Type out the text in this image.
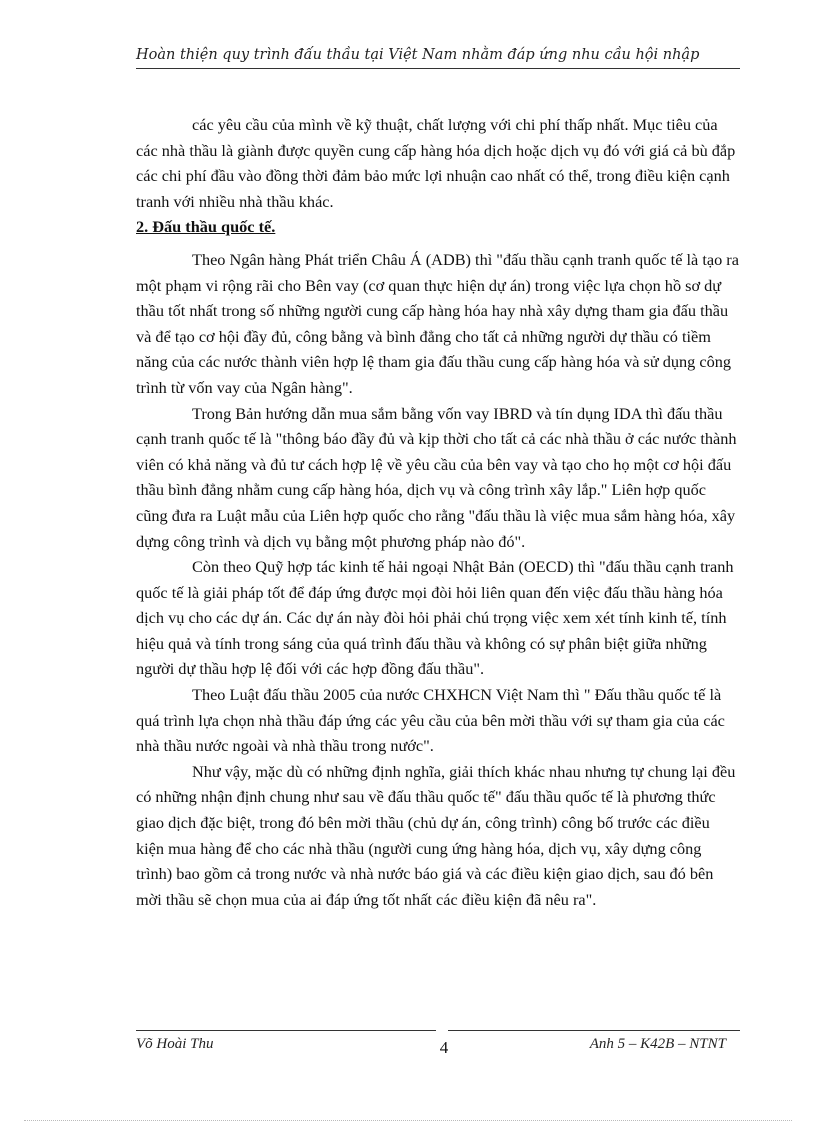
Hoàn thiện quy trình đấu thầu tại Việt Nam nhằm đáp ứng nhu cầu hội nhập

các yêu cầu của mình về kỹ thuật, chất lượng với chi phí thấp nhất. Mục tiêu của các nhà thầu là giành được quyền cung cấp hàng hóa dịch hoặc dịch vụ đó với giá cả bù đắp các chi phí đầu vào đồng thời đảm bảo mức lợi nhuận cao nhất có thể, trong điều kiện cạnh tranh với nhiều nhà thầu khác.

2. Đấu thầu quốc tế.

Theo Ngân hàng Phát triển Châu Á (ADB) thì "đấu thầu cạnh tranh quốc tế là tạo ra một phạm vi rộng rãi cho Bên vay (cơ quan thực hiện dự án) trong việc lựa chọn hồ sơ dự thầu tốt nhất trong số những người cung cấp hàng hóa hay nhà xây dựng tham gia đấu thầu và để tạo cơ hội đầy đủ, công bằng và bình đẳng cho tất cả những người dự thầu có tiềm năng của các nước thành viên hợp lệ tham gia đấu thầu cung cấp hàng hóa và sử dụng công trình từ vốn vay của Ngân hàng".

Trong Bản hướng dẫn mua sắm bằng vốn vay IBRD và tín dụng IDA thì đấu thầu cạnh tranh quốc tế là "thông báo đầy đủ và kịp thời cho tất cả các nhà thầu ở các nước thành viên có khả năng và đủ tư cách hợp lệ về yêu cầu của bên vay và tạo cho họ một cơ hội đấu thầu bình đẳng nhằm cung cấp hàng hóa, dịch vụ và công trình xây lắp." Liên hợp quốc cũng đưa ra Luật mẫu của Liên hợp quốc cho rằng "đấu thầu là việc mua sắm hàng hóa, xây dựng công trình và dịch vụ bằng một phương pháp nào đó".

Còn theo Quỹ hợp tác kinh tế hải ngoại Nhật Bản (OECD) thì "đấu thầu cạnh tranh quốc tế là giải pháp tốt để đáp ứng được mọi đòi hỏi liên quan đến việc đấu thầu hàng hóa dịch vụ cho các dự án. Các dự án này đòi hỏi phải chú trọng việc xem xét tính kinh tế, tính hiệu quả và tính trong sáng của quá trình đấu thầu và không có sự phân biệt giữa những người dự thầu hợp lệ đối với các hợp đồng đấu thầu".

Theo Luật đấu thầu 2005 của nước CHXHCN Việt Nam thì " Đấu thầu quốc tế là quá trình lựa chọn nhà thầu đáp ứng các yêu cầu của bên mời thầu với sự tham gia của các nhà thầu nước ngoài và nhà thầu trong nước".

Như vậy, mặc dù có những định nghĩa, giải thích khác nhau nhưng tự chung lại đều có những nhận định chung như sau về đấu thầu quốc tế" đấu thầu quốc tế là phương thức giao dịch đặc biệt, trong đó bên mời thầu (chủ dự án, công trình) công bố trước các điều kiện mua hàng để cho các nhà thầu (người cung ứng hàng hóa, dịch vụ, xây dựng công trình) bao gồm cả trong nước và nhà nước báo giá và các điều kiện giao dịch, sau đó bên mời thầu sẽ chọn mua của ai đáp ứng tốt nhất các điều kiện đã nêu ra".

Võ Hoài Thu	4	Anh 5 – K42B – NTNT
